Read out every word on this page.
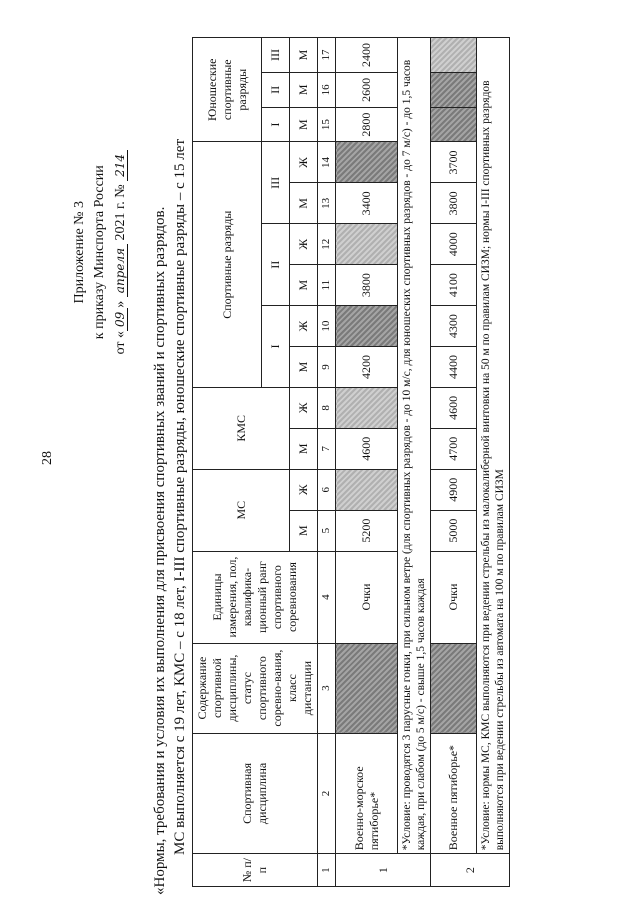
28
Приложение № 3 к приказу Минспорта России
от «09» апреля 2021 г. № 214
«Нормы, требования и условия их выполнения для присвоения спортивных званий и спортивных разрядов. МС выполняется с 19 лет, КМС – с 18 лет, I-III спортивные разряды, юношеские спортивные разряды – с 15 лет
№ п/п	Спортивная дисциплина	Содержание спортивной дисциплины, статус спортивного соревно-вания, класс дистанции	Единицы измерения, пол, квалифика-ционный ранг спортивного соревнования	МС		КМС		Спортивные разряды						Юношеские спортивные разряды		
								I		II		III		I	II	III
				М	Ж	М	Ж	М	Ж	М	Ж	М	Ж	М	М	М
1	2	3	4	5	6	7	8	9	10	11	12	13	14	15	16	17
1	Военно-морское пятиборье*		Очки	5200		4600		4200		3800		3400		2800	2600	2400
	*Условие: проводятся 3 парусные гонки, при сильном ветре (для спортивных разрядов - до 10 м/с, для юношеских спортивных разрядов - до 7 м/с) - до 1,5 часов каждая, при слабом (до 5 м/с) - свыше 1,5 часов каждая															
2	Военное пятиборье*		Очки	5000	4900	4700	4600	4400	4300	4100	4000	3800	3700			
	*Условие: нормы МС, КМС выполняются при ведении стрельбы из малокалиберной винтовки на 50 м по правилам СИЗМ; нормы I-III спортивных разрядов выполняются при ведении стрельбы из автомата на 100 м по правилам СИЗМ															
